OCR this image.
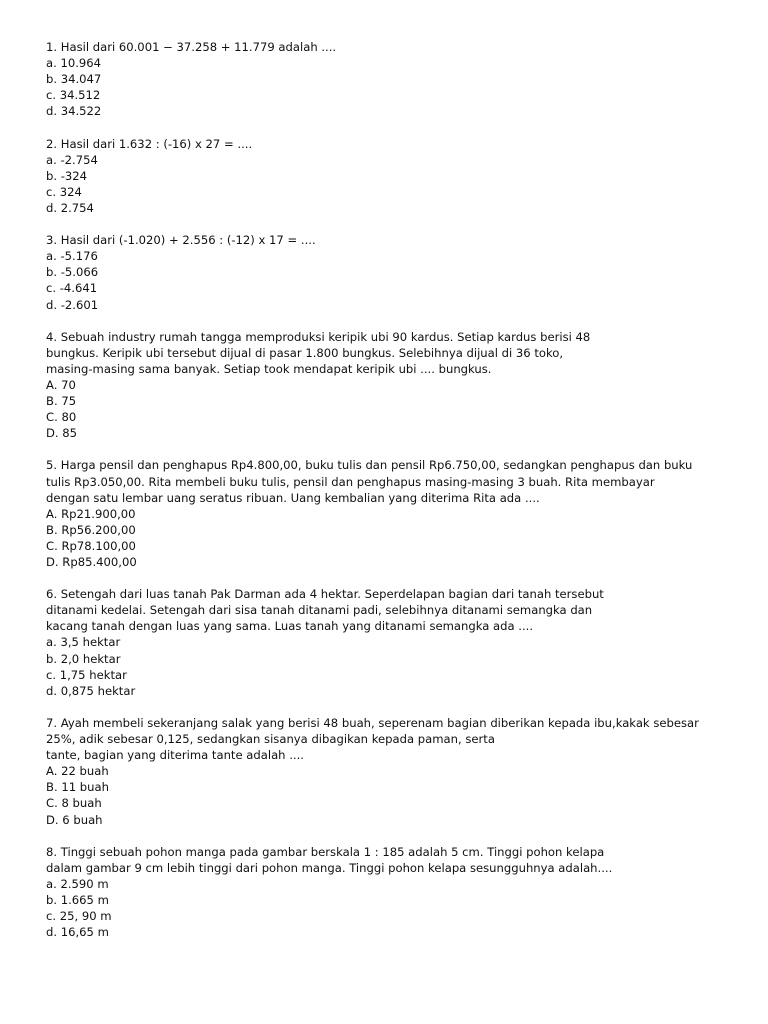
1. Hasil dari 60.001 − 37.258 + 11.779 adalah ....
a. 10.964
b. 34.047
c. 34.512
d. 34.522
2. Hasil dari 1.632 : (-16) x 27 = ....
a. -2.754
b. -324
c. 324
d. 2.754
3. Hasil dari (-1.020) + 2.556 : (-12) x 17 = ....
a. -5.176
b. -5.066
c. -4.641
d. -2.601
4. Sebuah industry rumah tangga memproduksi keripik ubi 90 kardus. Setiap kardus berisi 48
bungkus. Keripik ubi tersebut dijual di pasar 1.800 bungkus. Selebihnya dijual di 36 toko,
masing-masing sama banyak. Setiap took mendapat keripik ubi .... bungkus.
A. 70
B. 75
C. 80
D. 85
5. Harga pensil dan penghapus Rp4.800,00, buku tulis dan pensil Rp6.750,00, sedangkan penghapus dan buku
tulis Rp3.050,00. Rita membeli buku tulis, pensil dan penghapus masing-masing 3 buah. Rita membayar
dengan satu lembar uang seratus ribuan. Uang kembalian yang diterima Rita ada ....
A. Rp21.900,00
B. Rp56.200,00
C. Rp78.100,00
D. Rp85.400,00
6. Setengah dari luas tanah Pak Darman ada 4 hektar. Seperdelapan bagian dari tanah tersebut
ditanami kedelai. Setengah dari sisa tanah ditanami padi, selebihnya ditanami semangka dan
kacang tanah dengan luas yang sama. Luas tanah yang ditanami semangka ada ....
a. 3,5 hektar
b. 2,0 hektar
c. 1,75 hektar
d. 0,875 hektar
7. Ayah membeli sekeranjang salak yang berisi 48 buah, seperenam bagian diberikan kepada ibu,kakak sebesar
25%, adik sebesar 0,125, sedangkan sisanya dibagikan kepada paman, serta
tante, bagian yang diterima tante adalah ....
A. 22 buah
B. 11 buah
C. 8 buah
D. 6 buah
8. Tinggi sebuah pohon manga pada gambar berskala 1 : 185 adalah 5 cm. Tinggi pohon kelapa
dalam gambar 9 cm lebih tinggi dari pohon manga. Tinggi pohon kelapa sesungguhnya adalah....
a. 2.590 m
b. 1.665 m
c. 25, 90 m
d. 16,65 m
